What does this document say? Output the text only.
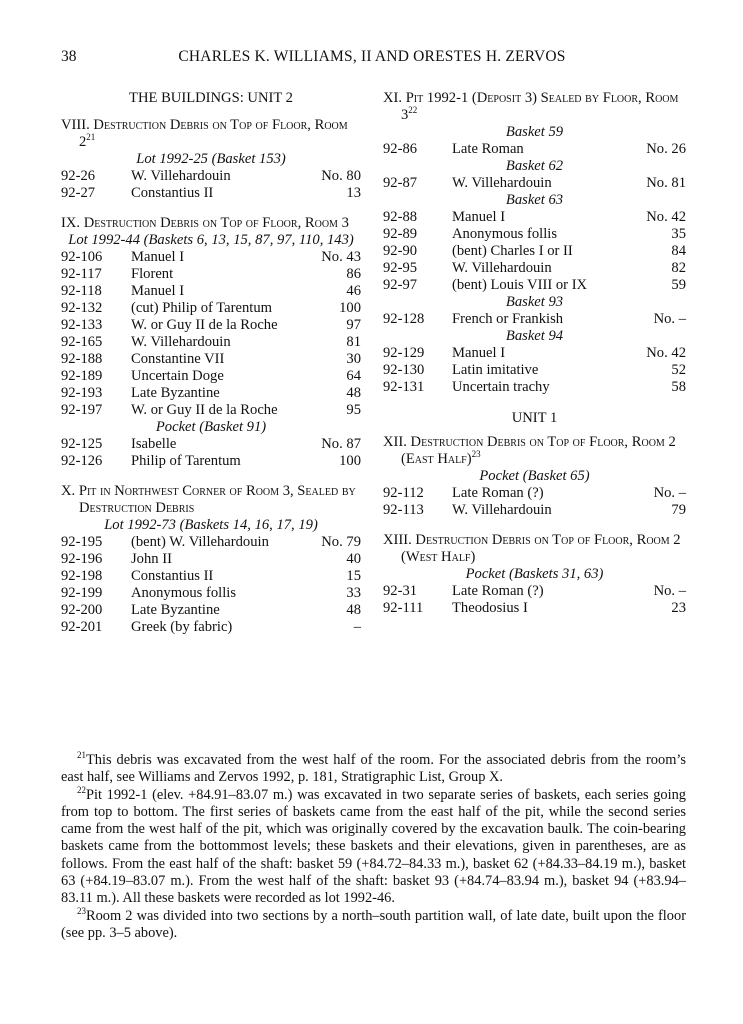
38	CHARLES K. WILLIAMS, II AND ORESTES H. ZERVOS
THE BUILDINGS: UNIT 2

VIII. Destruction Debris on Top of Floor, Room $2^{21}$

Lot 1992-25 (Basket 153)

92-26 W. Villehardouin	No. 80
92-27 Constantius II	13

IX. Destruction Debris on Top of Floor, Room 3

Lot 1992-44 (Baskets 6, 13, 15, 87, 97, 110, 143)

92-106 Manuel I	No. 43
92-117 Florent	86
92-118 Manuel I	46
92-132 (cut) Philip of Tarentum	100
92-133 W. or Guy II de la Roche	97
92-165 W. Villehardouin	81
92-188 Constantine VII	30
92-189 Uncertain Doge	64
92-193 Late Byzantine	48
92-197 W. or Guy II de la Roche	95

Pocket (Basket 91)

92-125 Isabelle	No. 87
92-126 Philip of Tarentum	100

X. Pit in Northwest Corner of Room 3, Sealed by Destruction Debris

Lot 1992-73 (Baskets 14, 16, 17, 19)

92-195 (bent) W. Villehardouin	No. 79
92-196 John II	40
92-198 Constantius II	15
92-199 Anonymous follis	33
92-200 Late Byzantine	48
92-201 Greek (by fabric)	–

XI. Pit 1992-1 (Deposit 3) Sealed by Floor, Room $3^{22}$

Basket 59

92-86 Late Roman	No. 26

Basket 62

92-87 W. Villehardouin	No. 81

Basket 63

92-88 Manuel I	No. 42
92-89 Anonymous follis	35
92-90 (bent) Charles I or II	84
92-95 W. Villehardouin	82
92-97 (bent) Louis VIII or IX	59

Basket 93

92-128 French or Frankish	No. –

Basket 94

92-129 Manuel I	No. 42
92-130 Latin imitative	52
92-131 Uncertain trachy	58
UNIT 1

XII. Destruction Debris on Top of Floor, Room 2 (East Half)$^{23}$

Pocket (Basket 65)

92-112 Late Roman (?)	No. –
92-113 W. Villehardouin	79

XIII. Destruction Debris on Top of Floor, Room 2 (West Half)

Pocket (Baskets 31, 63)

92-31 Late Roman (?)	No. –
92-111 Theodosius I	23

$^{21}$This debris was excavated from the west half of the room. For the associated debris from the room’s east half, see Williams and Zervos 1992, p. 181, Stratigraphic List, Group X.

$^{22}$Pit 1992-1 (elev. +84.91–83.07 m.) was excavated in two separate series of baskets, each series going from top to bottom. The first series of baskets came from the east half of the pit, while the second series came from the west half of the pit, which was originally covered by the excavation baulk. The coin-bearing baskets came from the bottommost levels; these baskets and their elevations, given in parentheses, are as follows. From the east half of the shaft: basket 59 (+84.72–84.33 m.), basket 62 (+84.33–84.19 m.), basket 63 (+84.19–83.07 m.). From the west half of the shaft: basket 93 (+84.74–83.94 m.), basket 94 (+83.94–83.11 m.). All these baskets were recorded as lot 1992-46.

$^{23}$Room 2 was divided into two sections by a north–south partition wall, of late date, built upon the floor (see pp. 3–5 above).
